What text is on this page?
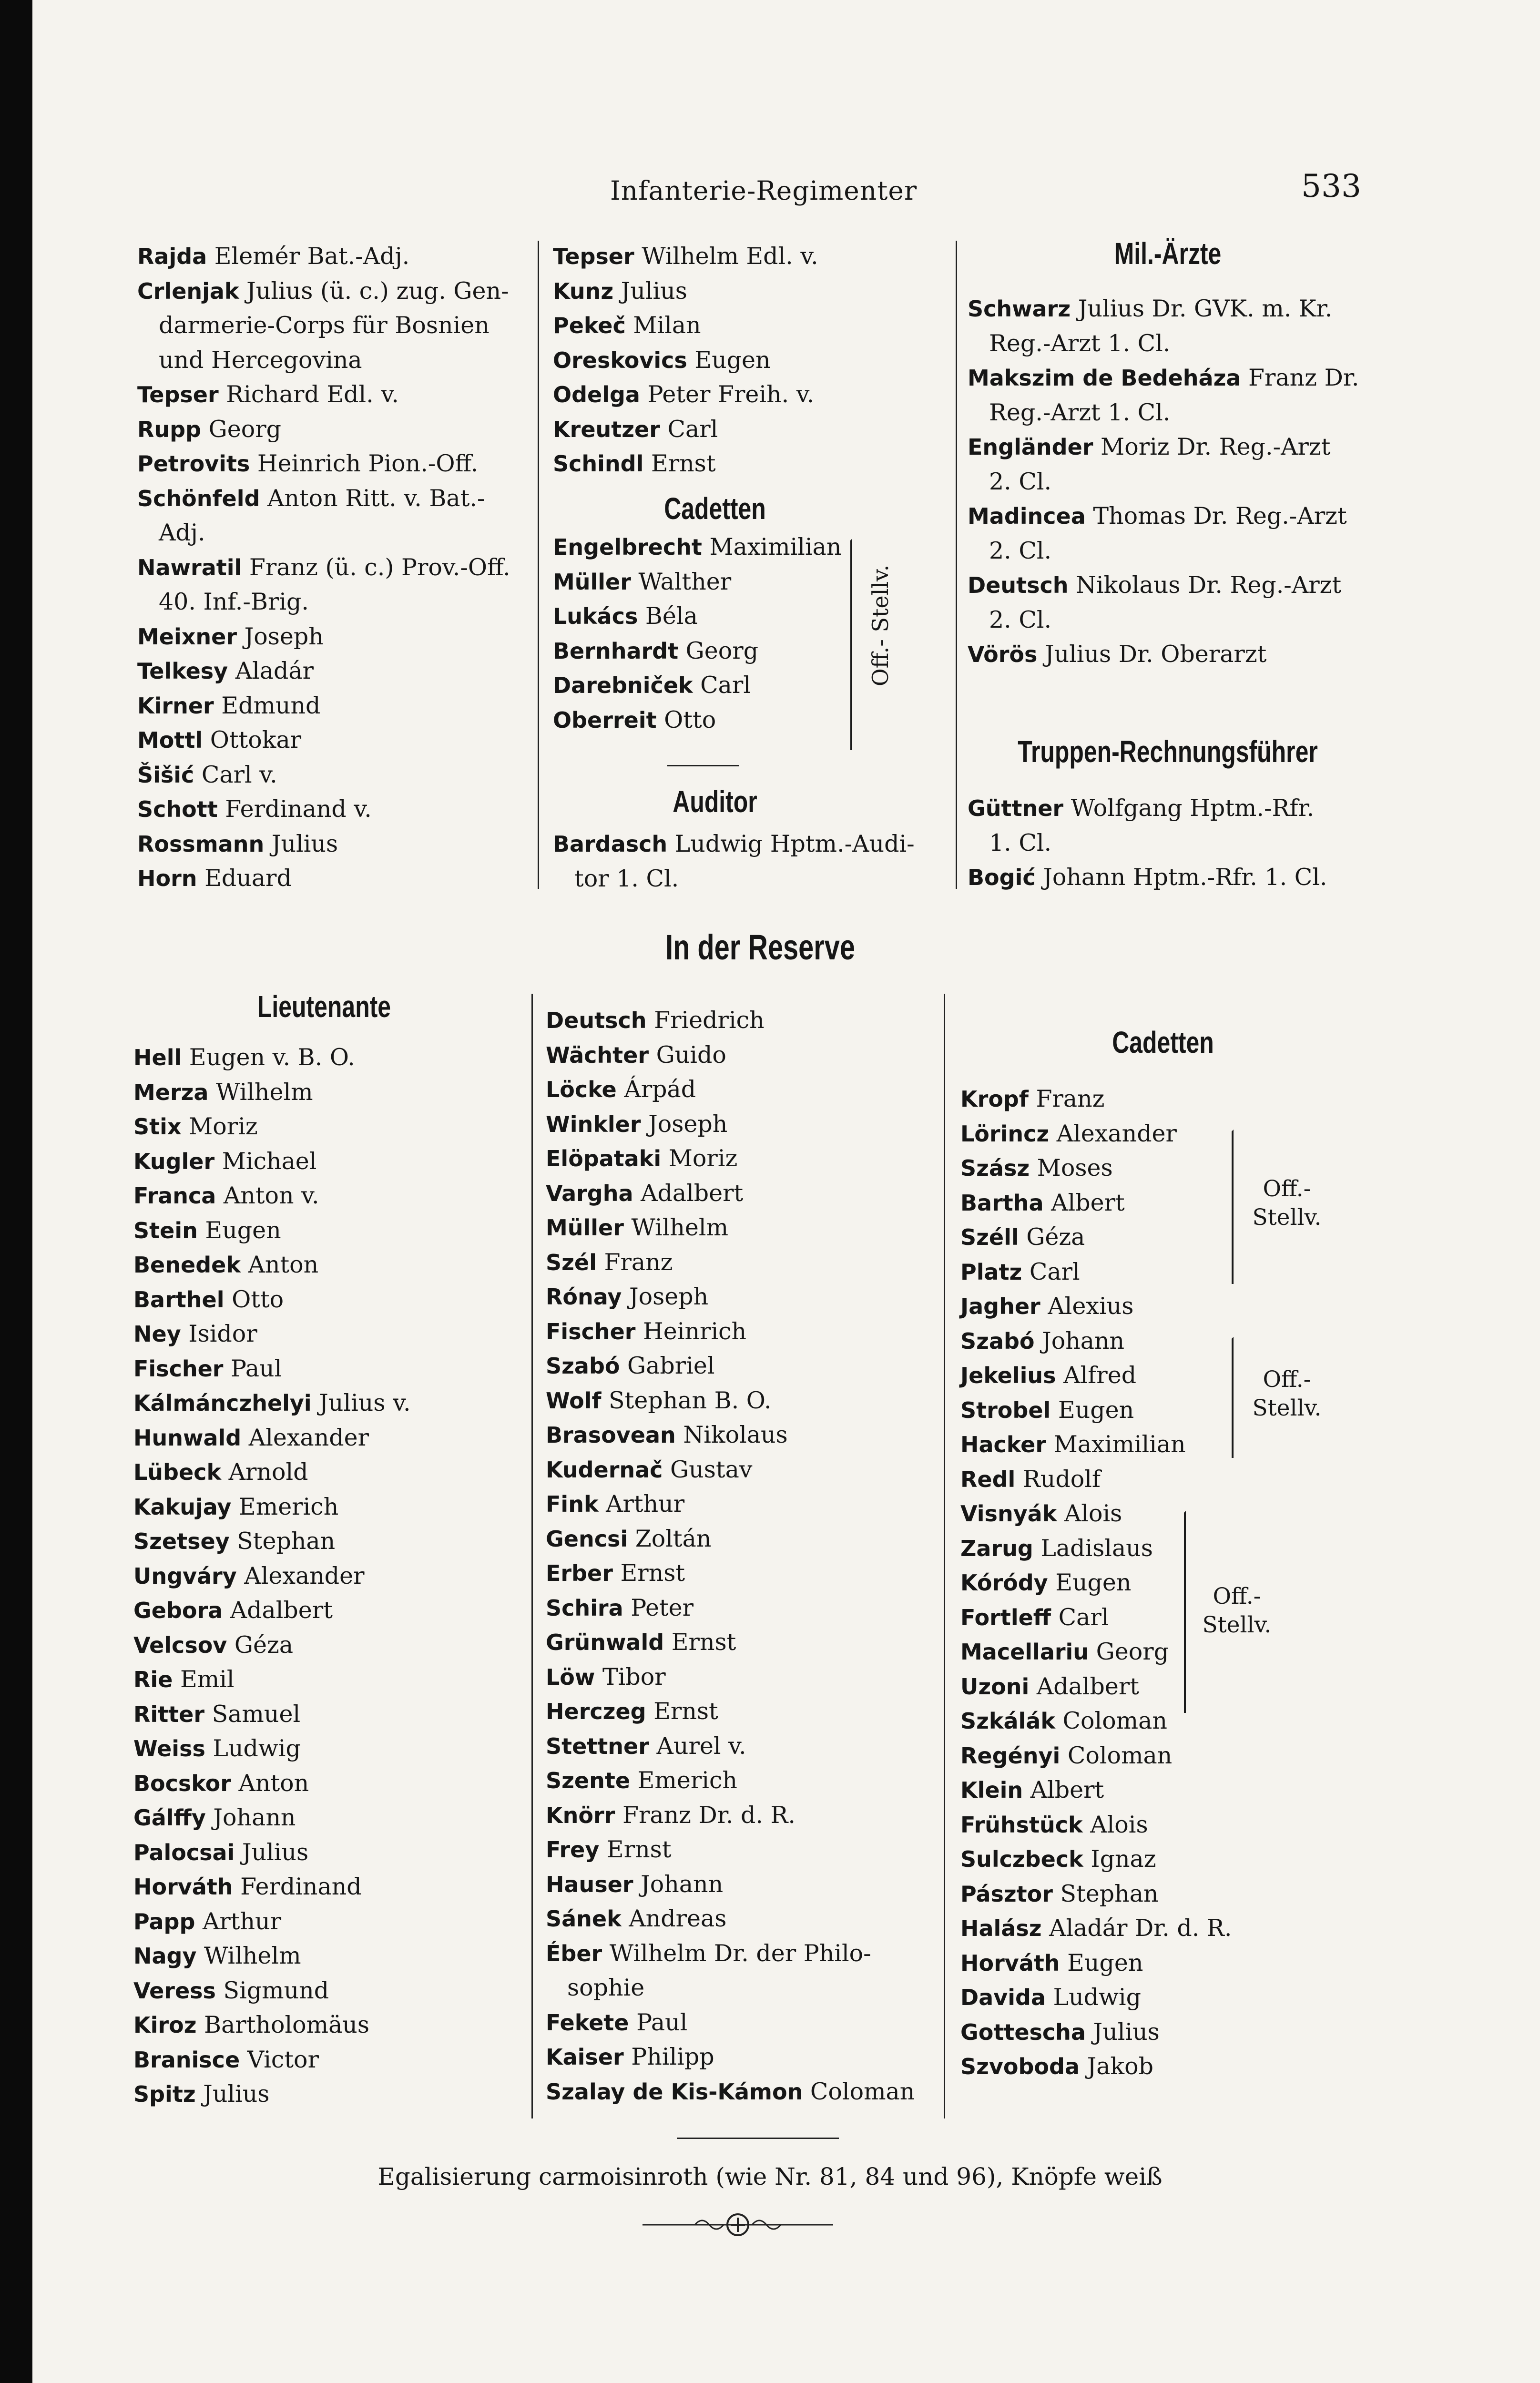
Infanterie-Regimenter	533
Rajda Elemér Bat.-Adj.
Crlenjak Julius (ü. c.) zug. Gen-
darmerie-Corps für Bosnien
und Hercegovina
Tepser Richard Edl. v.
Rupp Georg
Petrovits Heinrich Pion.-Off.
Schönfeld Anton Ritt. v. Bat.-
Adj.
Nawratil Franz (ü. c.) Prov.-Off.
40. Inf.-Brig.
Meixner Joseph
Telkesy Aladár
Kirner Edmund
Mottl Ottokar
Šišić Carl v.
Schott Ferdinand v.
Rossmann Julius
Horn Eduard
Tepser Wilhelm Edl. v.
Kunz Julius
Pekeč Milan
Oreskovics Eugen
Odelga Peter Freih. v.
Kreutzer Carl
Schindl Ernst
Cadetten
Engelbrecht Maximilian
Müller Walther
Lukács Béla
Bernhardt Georg
Darebniček Carl
Oberreit Otto
Off.- Stellv.
Auditor
Bardasch Ludwig Hptm.-Audi-
tor 1. Cl.
Mil.-Ärzte
Schwarz Julius Dr. GVK. m. Kr.
Reg.-Arzt 1. Cl.
Makszim de Bedeháza Franz Dr.
Reg.-Arzt 1. Cl.
Engländer Moriz Dr. Reg.-Arzt
2. Cl.
Madincea Thomas Dr. Reg.-Arzt
2. Cl.
Deutsch Nikolaus Dr. Reg.-Arzt
2. Cl.
Vörös Julius Dr. Oberarzt
Truppen-Rechnungsführer
Güttner Wolfgang Hptm.-Rfr.
1. Cl.
Bogić Johann Hptm.-Rfr. 1. Cl.
In der Reserve
Lieutenante
Hell Eugen v. B. O.
Merza Wilhelm
Stix Moriz
Kugler Michael
Franca Anton v.
Stein Eugen
Benedek Anton
Barthel Otto
Ney Isidor
Fischer Paul
Kálmánczhelyi Julius v.
Hunwald Alexander
Lübeck Arnold
Kakujay Emerich
Szetsey Stephan
Ungváry Alexander
Gebora Adalbert
Velcsov Géza
Rie Emil
Ritter Samuel
Weiss Ludwig
Bocskor Anton
Gálffy Johann
Palocsai Julius
Horváth Ferdinand
Papp Arthur
Nagy Wilhelm
Veress Sigmund
Kiroz Bartholomäus
Branisce Victor
Spitz Julius
Deutsch Friedrich
Wächter Guido
Löcke Árpád
Winkler Joseph
Elöpataki Moriz
Vargha Adalbert
Müller Wilhelm
Szél Franz
Rónay Joseph
Fischer Heinrich
Szabó Gabriel
Wolf Stephan B. O.
Brasovean Nikolaus
Kudernač Gustav
Fink Arthur
Gencsi Zoltán
Erber Ernst
Schira Peter
Grünwald Ernst
Löw Tibor
Herczeg Ernst
Stettner Aurel v.
Szente Emerich
Knörr Franz Dr. d. R.
Frey Ernst
Hauser Johann
Sánek Andreas
Éber Wilhelm Dr. der Philo-
sophie
Fekete Paul
Kaiser Philipp
Szalay de Kis-Kámon Coloman
Cadetten
Kropf Franz
Lörincz Alexander
Szász Moses
Bartha Albert
Széll Géza
Platz Carl
Jagher Alexius
Szabó Johann
Jekelius Alfred
Strobel Eugen
Hacker Maximilian
Redl Rudolf
Visnyák Alois
Zarug Ladislaus
Kóródy Eugen
Fortleff Carl
Macellariu Georg
Uzoni Adalbert
Szkálák Coloman
Regényi Coloman
Klein Albert
Frühstück Alois
Sulczbeck Ignaz
Pásztor Stephan
Halász Aladár Dr. d. R.
Horváth Eugen
Davida Ludwig
Gottescha Julius
Szvoboda Jakob
Off.-
Stellv.
Off.-
Stellv.
Off.-
Stellv.
Egalisierung carmoisinroth (wie Nr. 81, 84 und 96), Knöpfe weiß
